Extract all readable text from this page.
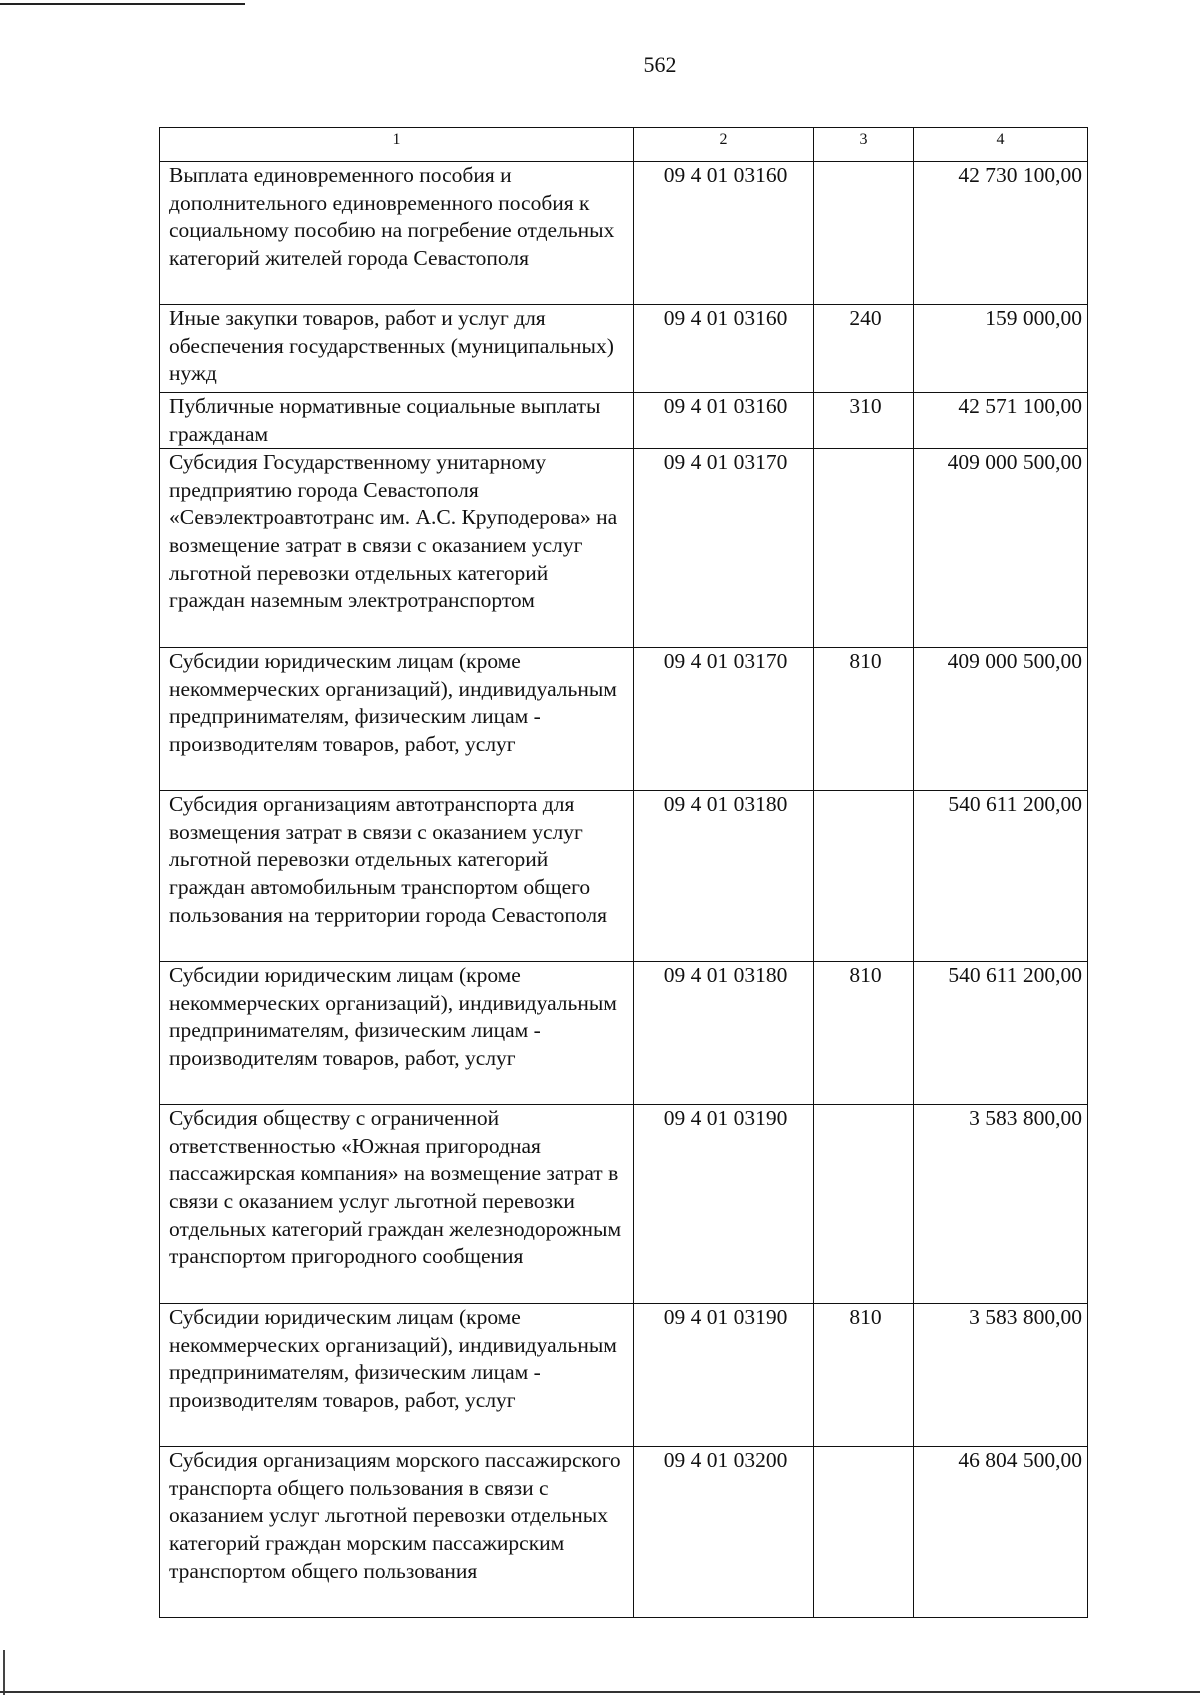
562
1	2	3	4
Выплата единовременного пособия и дополнительного единовременного пособия к социальному пособию на погребение отдельных категорий жителей города Севастополя	09 4 01 03160		42 730 100,00
Иные закупки товаров, работ и услуг для обеспечения государственных (муниципальных) нужд	09 4 01 03160	240	159 000,00
Публичные нормативные социальные выплаты гражданам	09 4 01 03160	310	42 571 100,00
Субсидия Государственному унитарному предприятию города Севастополя «Севэлектроавтотранс им. А.С. Круподерова» на возмещение затрат в связи с оказанием услуг льготной перевозки отдельных категорий граждан наземным электротранспортом	09 4 01 03170		409 000 500,00
Субсидии юридическим лицам (кроме некоммерческих организаций), индивидуальным предпринимателям, физическим лицам - производителям товаров, работ, услуг	09 4 01 03170	810	409 000 500,00
Субсидия организациям автотранспорта для возмещения затрат в связи с оказанием услуг льготной перевозки отдельных категорий граждан автомобильным транспортом общего пользования на территории города Севастополя	09 4 01 03180		540 611 200,00
Субсидии юридическим лицам (кроме некоммерческих организаций), индивидуальным предпринимателям, физическим лицам - производителям товаров, работ, услуг	09 4 01 03180	810	540 611 200,00
Субсидия обществу с ограниченной ответственностью «Южная пригородная пассажирская компания» на возмещение затрат в связи с оказанием услуг льготной перевозки отдельных категорий граждан железнодорожным транспортом пригородного сообщения	09 4 01 03190		3 583 800,00
Субсидии юридическим лицам (кроме некоммерческих организаций), индивидуальным предпринимателям, физическим лицам - производителям товаров, работ, услуг	09 4 01 03190	810	3 583 800,00
Субсидия организациям морского пассажирского транспорта общего пользования в связи с оказанием услуг льготной перевозки отдельных категорий граждан морским пассажирским транспортом общего пользования	09 4 01 03200		46 804 500,00
